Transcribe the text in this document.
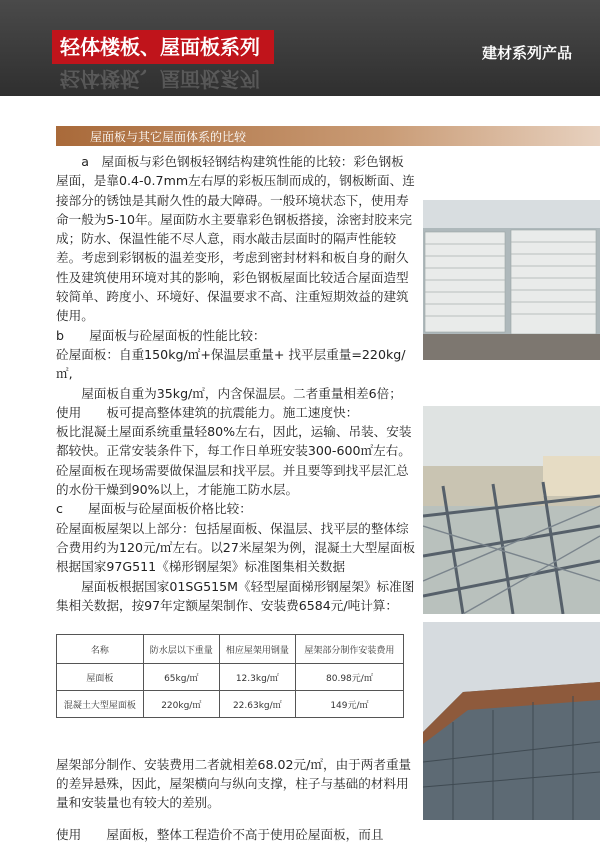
轻体楼板、屋面板系列
轻体楼板、屋面板系列
建材系列产品
屋面板与其它屋面体系的比较

a　 屋面板与彩色钢板轻钢结构建筑性能的比较：彩色钢板屋面，是靠0.4-0.7mm左右厚的彩板压制而成的，钢板断面、连接部分的锈蚀是其耐久性的最大障碍。一般环境状态下，使用寿命一般为5-10年。屋面防水主要靠彩色钢板搭接，涂密封胶来完成；防水、保温性能不尽人意，雨水敲击层面时的隔声性能较差。考虑到彩钢板的温差变形，考虑到密封材料和板自身的耐久性及建筑使用环境对其的影响，彩色钢板屋面比较适合屋面造型较简单、跨度小、环境好、保温要求不高、注重短期效益的建筑使用。

b　　 屋面板与砼屋面板的性能比较：

砼屋面板：自重150kg/㎡+保温层重量+ 找平层重量=220kg/㎡,

屋面板自重为35kg/㎡，内含保温层。二者重量相差6倍；

使用　　板可提高整体建筑的抗震能力。施工速度快：

板比混凝土屋面系统重量轻80%左右，因此，运输、吊装、安装都较快。正常安装条件下，每工作日单班安装300-600㎡左右。砼屋面板在现场需要做保温层和找平层。并且要等到找平层汇总的水份干燥到90%以上，才能施工防水层。

c　　 屋面板与砼屋面板价格比较：

砼屋面板屋架以上部分：包括屋面板、保温层、找平层的整体综合费用约为120元/㎡左右。以27米屋架为例，混凝土大型屋面板根据国家97G511《梯形钢屋架》标准图集相关数据

屋面板根据国家01SG515M《轻型屋面梯形钢屋架》标准图集相关数据，按97年定额屋架制作、安装费6584元/吨计算：

名称	防水层以下重量	相应屋架用钢量	屋架部分制作安装费用
屋面板	65kg/㎡	12.3kg/㎡	80.98元/㎡
混凝土大型屋面板	220kg/㎡	22.63kg/㎡	149元/㎡

屋架部分制作、安装费用二者就相差68.02元/㎡，由于两者重量的差异悬殊，因此，屋架横向与纵向支撑，柱子与基础的材料用量和安装量也有较大的差别。

使用　　屋面板，整体工程造价不高于使用砼屋面板，而且
